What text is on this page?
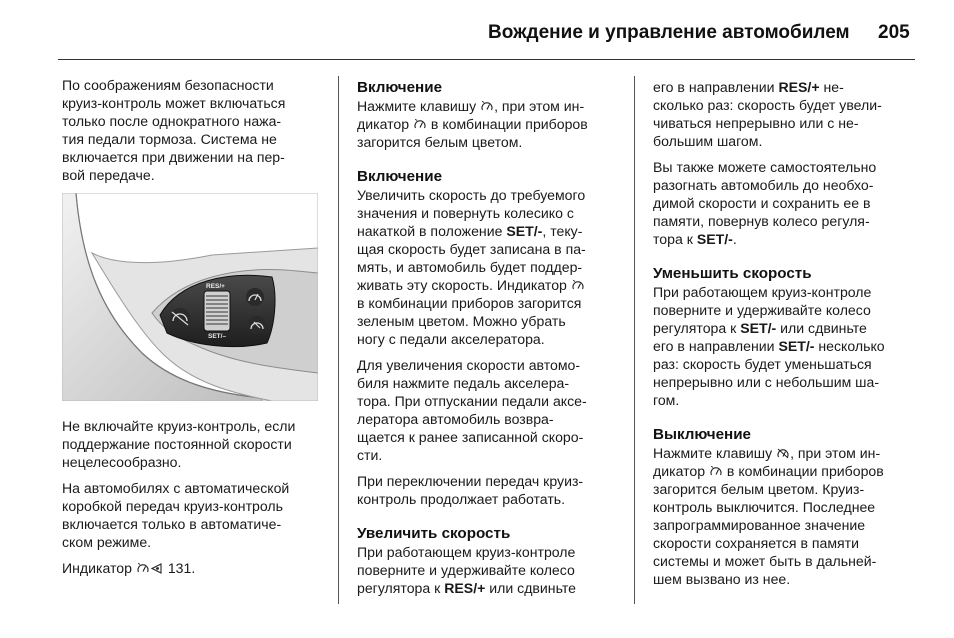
Вождение и управление автомобилем 205

По соображениям безопасности
круиз-контроль может включаться
только после однократного нажа-
тия педали тормоза. Система не
включается при движении на пер-
вой передаче.

RES/+
SET/–

Не включайте круиз-контроль, если
поддержание постоянной скорости
нецелесообразно.

На автомобилях с автоматической
коробкой передач круиз-контроль
включается только в автоматиче-
ском режиме.

Индикатор  131.

Включение

Нажмите клавишу , при этом ин-
дикатор  в комбинации приборов
загорится белым цветом.

Включение

Увеличить скорость до требуемого
значения и повернуть колесико с
накаткой в положение SET/-, теку-
щая скорость будет записана в па-
мять, и автомобиль будет поддер-
живать эту скорость. Индикатор
в комбинации приборов загорится
зеленым цветом. Можно убрать
ногу с педали акселератора.

Для увеличения скорости автомо-
биля нажмите педаль акселера-
тора. При отпускании педали аксе-
лератора автомобиль возвра-
щается к ранее записанной скоро-
сти.

При переключении передач круиз-
контроль продолжает работать.

Увеличить скорость

При работающем круиз-контроле
поверните и удерживайте колесо
регулятора к RES/+ или сдвиньте

его в направлении RES/+ не-
сколько раз: скорость будет увели-
чиваться непрерывно или с не-
большим шагом.

Вы также можете самостоятельно
разогнать автомобиль до необхо-
димой скорости и сохранить ее в
памяти, повернув колесо регуля-
тора к SET/-.

Уменьшить скорость

При работающем круиз-контроле
поверните и удерживайте колесо
регулятора к SET/- или сдвиньте
его в направлении SET/- несколько
раз: скорость будет уменьшаться
непрерывно или с небольшим ша-
гом.

Выключение

Нажмите клавишу , при этом ин-
дикатор  в комбинации приборов
загорится белым цветом. Круиз-
контроль выключится. Последнее
запрограммированное значение
скорости сохраняется в памяти
системы и может быть в дальней-
шем вызвано из нее.
